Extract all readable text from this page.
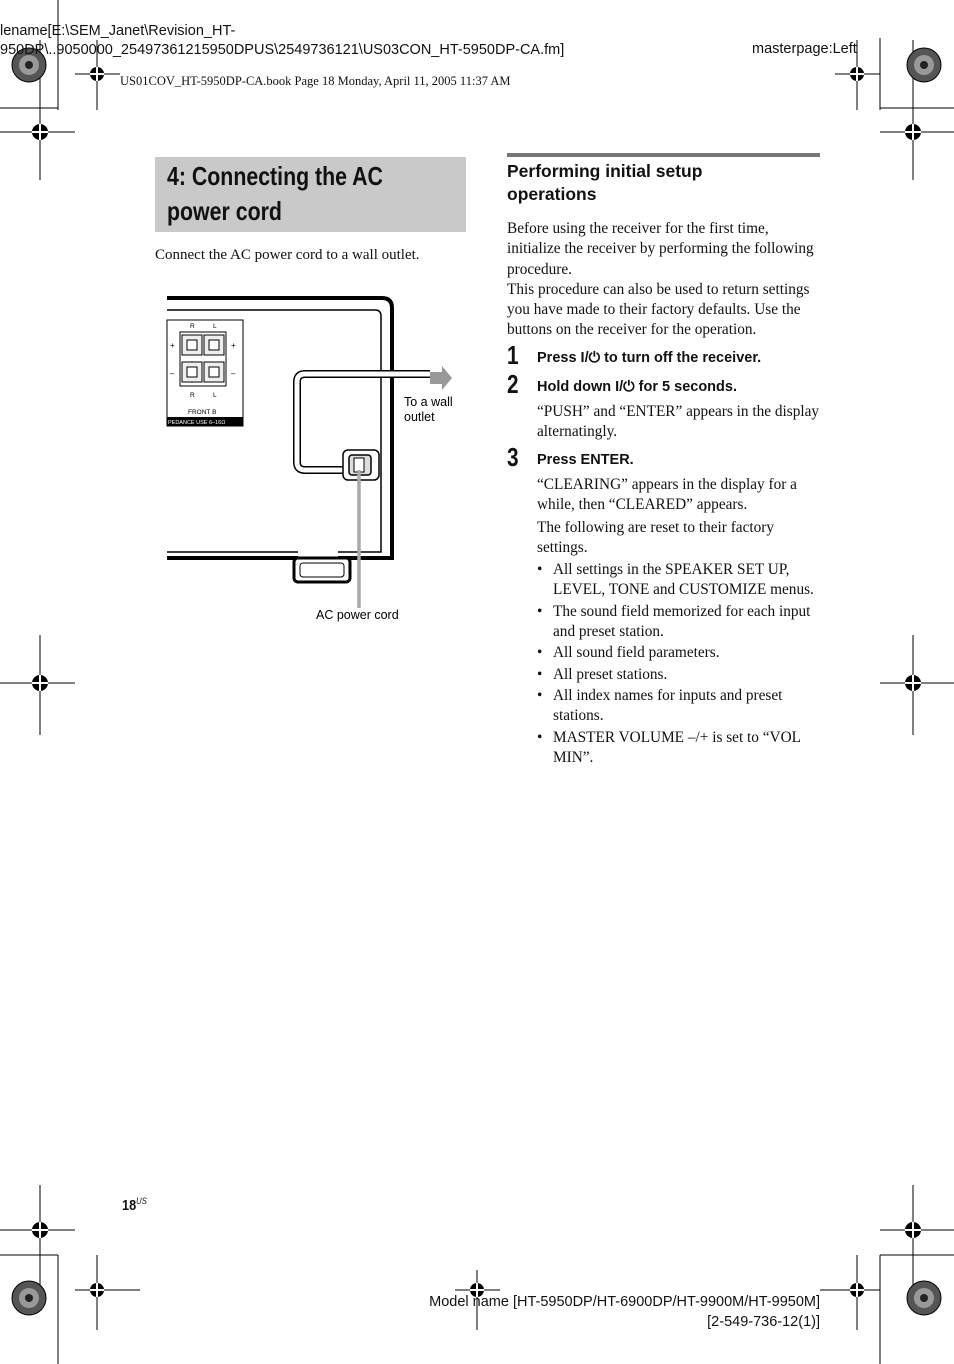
lename[E:\SEM_Janet\Revision_HT-
950DP\..9050000_25497361215950DPUS\2549736121\US03CON_HT-5950DP-CA.fm]	masterpage:Left
US01COV_HT-5950DP-CA.book Page 18 Monday, April 11, 2005 11:37 AM
4: Connecting the AC
power cord
Connect the AC power cord to a wall outlet.
R	L
R	L
+	+
–	–
FRONT B
PEDANCE USE 6–16Ω
To a wall
outlet
AC power cord
Performing initial setup
operations
Before using the receiver for the first time, initialize the receiver by performing the following procedure.
This procedure can also be used to return settings you have made to their factory defaults. Use the buttons on the receiver for the operation.
1 Press I/⏻ to turn off the receiver.
2 Hold down I/⏻ for 5 seconds.
“PUSH” and “ENTER” appears in the display alternatingly.
3 Press ENTER.
“CLEARING” appears in the display for a while, then “CLEARED” appears.
The following are reset to their factory settings.
• All settings in the SPEAKER SET UP, LEVEL, TONE and CUSTOMIZE menus.
• The sound field memorized for each input and preset station.
• All sound field parameters.
• All preset stations.
• All index names for inputs and preset stations.
• MASTER VOLUME –/+ is set to “VOL MIN”.
$18^{US}$
Model name [HT-5950DP/HT-6900DP/HT-9900M/HT-9950M]
[2-549-736-12(1)]
